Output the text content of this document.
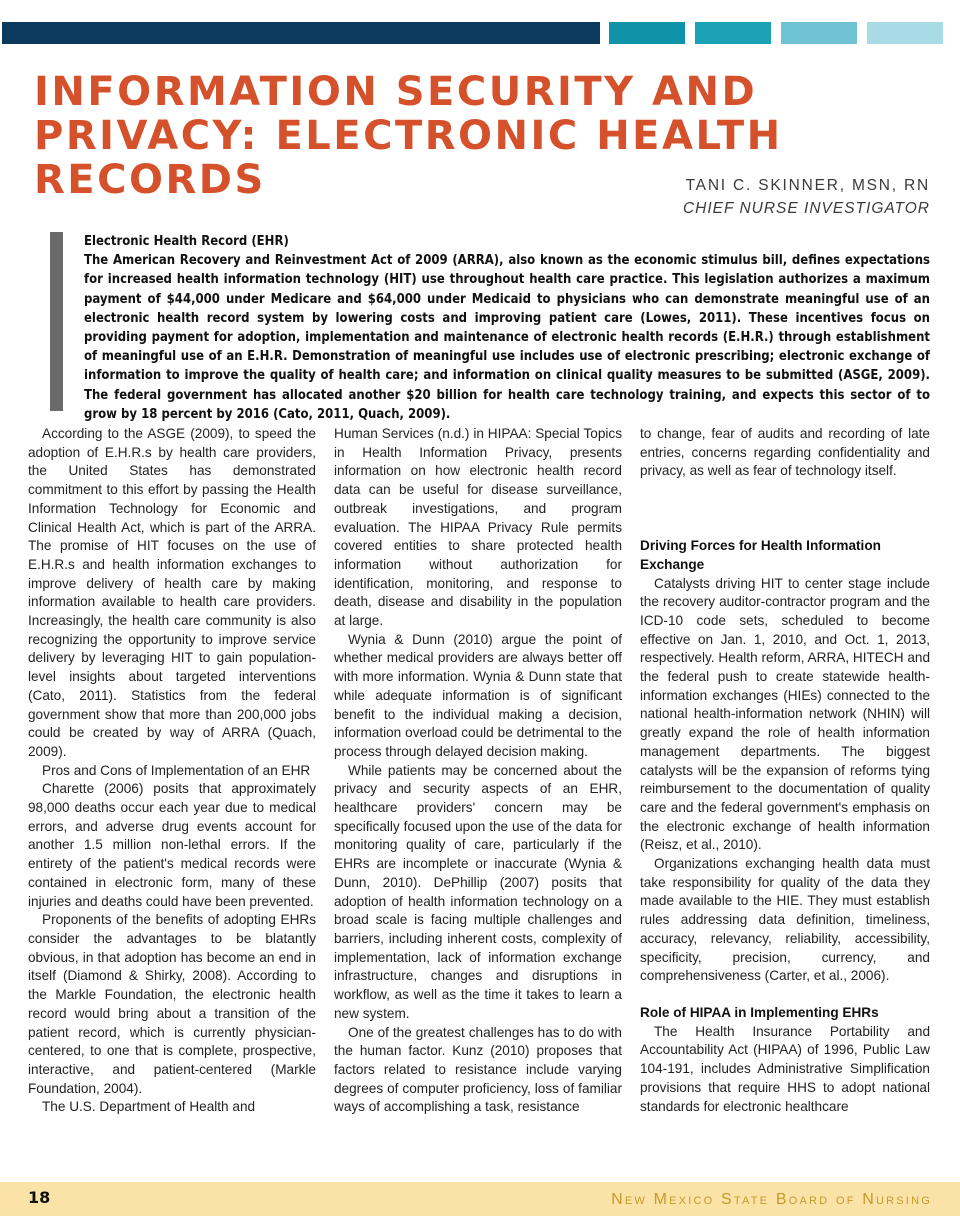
INFORMATION SECURITY AND
PRIVACY: ELECTRONIC HEALTH
RECORDS	TANI C. SKINNER, MSN, RN
CHIEF NURSE INVESTIGATOR
Electronic Health Record (EHR)
The American Recovery and Reinvestment Act of 2009 (ARRA), also known as the economic stimulus bill, defines expectations for increased health information technology (HIT) use throughout health care practice. This legislation authorizes a maximum payment of $44,000 under Medicare and $64,000 under Medicaid to physicians who can demonstrate meaningful use of an electronic health record system by lowering costs and improving patient care (Lowes, 2011). These incentives focus on providing payment for adoption, implementation and maintenance of electronic health records (E.H.R.) through establishment of meaningful use of an E.H.R. Demonstration of meaningful use includes use of electronic prescribing; electronic exchange of information to improve the quality of health care; and information on clinical quality measures to be submitted (ASGE, 2009). The federal government has allocated another $20 billion for health care technology training, and expects this sector of to grow by 18 percent by 2016 (Cato, 2011, Quach, 2009).

According to the ASGE (2009), to speed the adoption of E.H.R.s by health care providers, the United States has demonstrated commitment to this effort by passing the Health Information Technology for Economic and Clinical Health Act, which is part of the ARRA. The promise of HIT focuses on the use of E.H.R.s and health information exchanges to improve delivery of health care by making information available to health care providers. Increasingly, the health care community is also recognizing the opportunity to improve service delivery by leveraging HIT to gain population-level insights about targeted interventions (Cato, 2011). Statistics from the federal government show that more than 200,000 jobs could be created by way of ARRA (Quach, 2009).

Pros and Cons of Implementation of an EHR

Charette (2006) posits that approximately 98,000 deaths occur each year due to medical errors, and adverse drug events account for another 1.5 million non-lethal errors. If the entirety of the patient's medical records were contained in electronic form, many of these injuries and deaths could have been prevented.

Proponents of the benefits of adopting EHRs consider the advantages to be blatantly obvious, in that adoption has become an end in itself (Diamond & Shirky, 2008). According to the Markle Foundation, the electronic health record would bring about a transition of the patient record, which is currently physician-centered, to one that is complete, prospective, interactive, and patient-centered (Markle Foundation, 2004).

The U.S. Department of Health and

Human Services (n.d.) in HIPAA: Special Topics in Health Information Privacy, presents information on how electronic health record data can be useful for disease surveillance, outbreak investigations, and program evaluation. The HIPAA Privacy Rule permits covered entities to share protected health information without authorization for identification, monitoring, and response to death, disease and disability in the population at large.

Wynia & Dunn (2010) argue the point of whether medical providers are always better off with more information. Wynia & Dunn state that while adequate information is of significant benefit to the individual making a decision, information overload could be detrimental to the process through delayed decision making.

While patients may be concerned about the privacy and security aspects of an EHR, healthcare providers' concern may be specifically focused upon the use of the data for monitoring quality of care, particularly if the EHRs are incomplete or inaccurate (Wynia & Dunn, 2010). DePhillip (2007) posits that adoption of health information technology on a broad scale is facing multiple challenges and barriers, including inherent costs, complexity of implementation, lack of information exchange infrastructure, changes and disruptions in workflow, as well as the time it takes to learn a new system.

One of the greatest challenges has to do with the human factor. Kunz (2010) proposes that factors related to resistance include varying degrees of computer proficiency, loss of familiar ways of accomplishing a task, resistance

to change, fear of audits and recording of late entries, concerns regarding confidentiality and privacy, as well as fear of technology itself.

Driving Forces for Health Information Exchange

Catalysts driving HIT to center stage include the recovery auditor-contractor program and the ICD-10 code sets, scheduled to become effective on Jan. 1, 2010, and Oct. 1, 2013, respectively. Health reform, ARRA, HITECH and the federal push to create statewide health-information exchanges (HIEs) connected to the national health-information network (NHIN) will greatly expand the role of health information management departments. The biggest catalysts will be the expansion of reforms tying reimbursement to the documentation of quality care and the federal government's emphasis on the electronic exchange of health information (Reisz, et al., 2010).

Organizations exchanging health data must take responsibility for quality of the data they made available to the HIE. They must establish rules addressing data definition, timeliness, accuracy, relevancy, reliability, accessibility, specificity, precision, currency, and comprehensiveness (Carter, et al., 2006).

Role of HIPAA in Implementing EHRs

The Health Insurance Portability and Accountability Act (HIPAA) of 1996, Public Law 104-191, includes Administrative Simplification provisions that require HHS to adopt national standards for electronic healthcare

18	New Mexico State Board of Nursing
